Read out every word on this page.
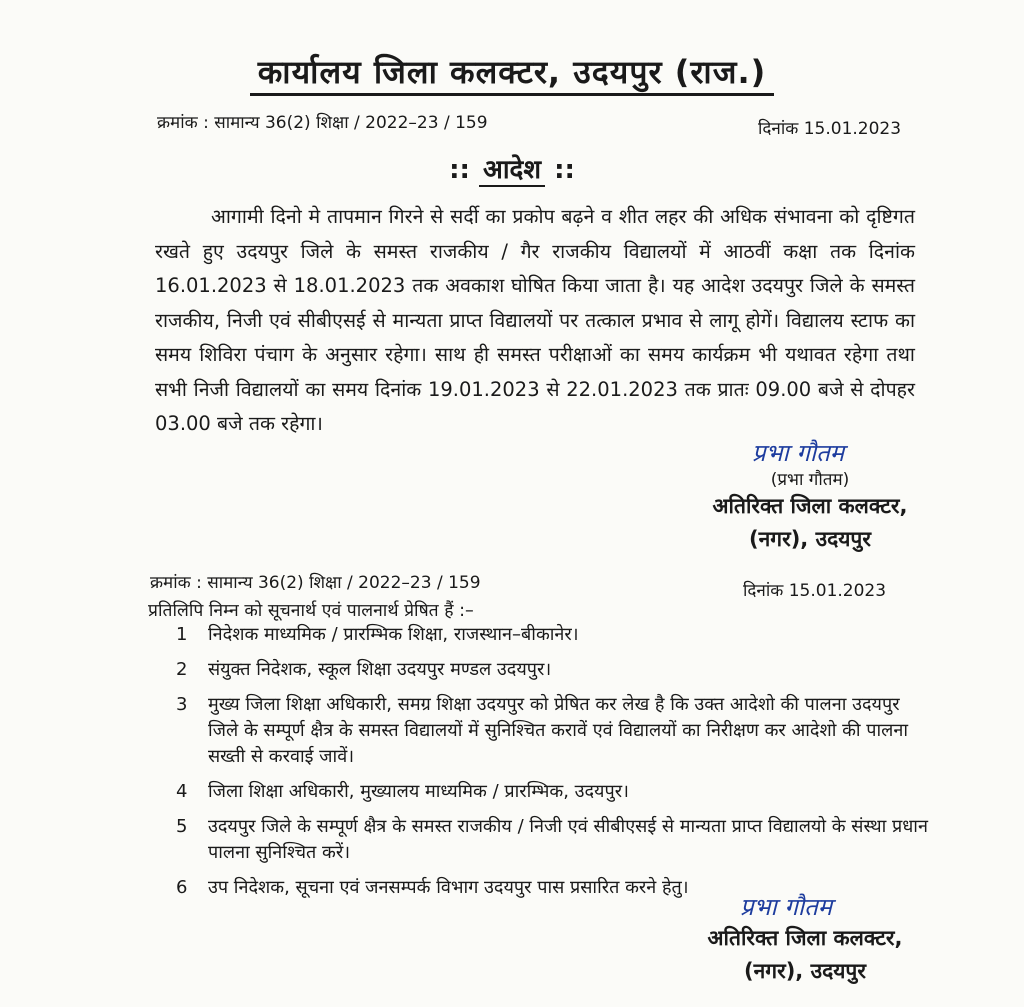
कार्यालय जिला कलक्टर, उदयपुर (राज.)
क्रमांक : सामान्य 36(2) शिक्षा / 2022–23 / 159	दिनांक 15.01.2023
:: आदेश ::
आगामी दिनो मे तापमान गिरने से सर्दी का प्रकोप बढ़ने व शीत लहर की अधिक संभावना को दृष्टिगत रखते हुए उदयपुर जिले के समस्त राजकीय / गैर राजकीय विद्यालयों में आठवीं कक्षा तक दिनांक 16.01.2023 से 18.01.2023 तक अवकाश घोषित किया जाता है। यह आदेश उदयपुर जिले के समस्त राजकीय, निजी एवं सीबीएसई से मान्यता प्राप्त विद्यालयों पर तत्काल प्रभाव से लागू होगें। विद्यालय स्टाफ का समय शिविरा पंचाग के अनुसार रहेगा। साथ ही समस्त परीक्षाओं का समय कार्यक्रम भी यथावत रहेगा तथा सभी निजी विद्यालयों का समय दिनांक 19.01.2023 से 22.01.2023 तक प्रातः 09.00 बजे से दोपहर 03.00 बजे तक रहेगा।
प्रभा गौतम
(प्रभा गौतम)
अतिरिक्त जिला कलक्टर,
(नगर), उदयपुर
क्रमांक : सामान्य 36(2) शिक्षा / 2022–23 / 159	दिनांक 15.01.2023
प्रतिलिपि निम्न को सूचनार्थ एवं पालनार्थ प्रेषित हैं :–
1 निदेशक माध्यमिक / प्रारम्भिक शिक्षा, राजस्थान–बीकानेर।
2 संयुक्त निदेशक, स्कूल शिक्षा उदयपुर मण्डल उदयपुर।
3 मुख्य जिला शिक्षा अधिकारी, समग्र शिक्षा उदयपुर को प्रेषित कर लेख है कि उक्त आदेशो की पालना उदयपुर जिले के सम्पूर्ण क्षैत्र के समस्त विद्यालयों में सुनिश्चित करावें एवं विद्यालयों का निरीक्षण कर आदेशो की पालना सख्ती से करवाई जावें।
4 जिला शिक्षा अधिकारी, मुख्यालय माध्यमिक / प्रारम्भिक, उदयपुर।
5 उदयपुर जिले के सम्पूर्ण क्षैत्र के समस्त राजकीय / निजी एवं सीबीएसई से मान्यता प्राप्त विद्यालयो के संस्था प्रधान पालना सुनिश्चित करें।
6 उप निदेशक, सूचना एवं जनसम्पर्क विभाग उदयपुर पास प्रसारित करने हेतु।
प्रभा गौतम
अतिरिक्त जिला कलक्टर,
(नगर), उदयपुर
